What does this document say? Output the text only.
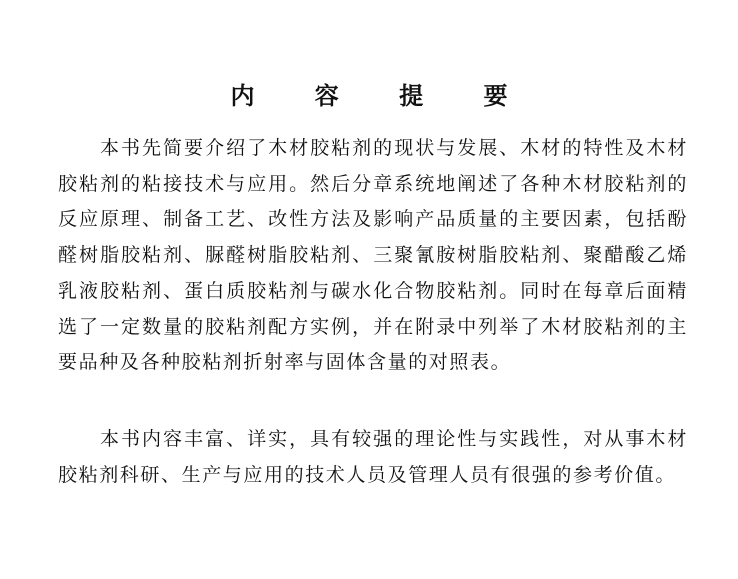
内 容 提 要

本书先简要介绍了木材胶粘剂的现状与发展、木材的特性及木材胶粘剂的粘接技术与应用。然后分章系统地阐述了各种木材胶粘剂的反应原理、制备工艺、改性方法及影响产品质量的主要因素，包括酚醛树脂胶粘剂、脲醛树脂胶粘剂、三聚氰胺树脂胶粘剂、聚醋酸乙烯乳液胶粘剂、蛋白质胶粘剂与碳水化合物胶粘剂。同时在每章后面精选了一定数量的胶粘剂配方实例，并在附录中列举了木材胶粘剂的主要品种及各种胶粘剂折射率与固体含量的对照表。

本书内容丰富、详实，具有较强的理论性与实践性，对从事木材胶粘剂科研、生产与应用的技术人员及管理人员有很强的参考价值。
